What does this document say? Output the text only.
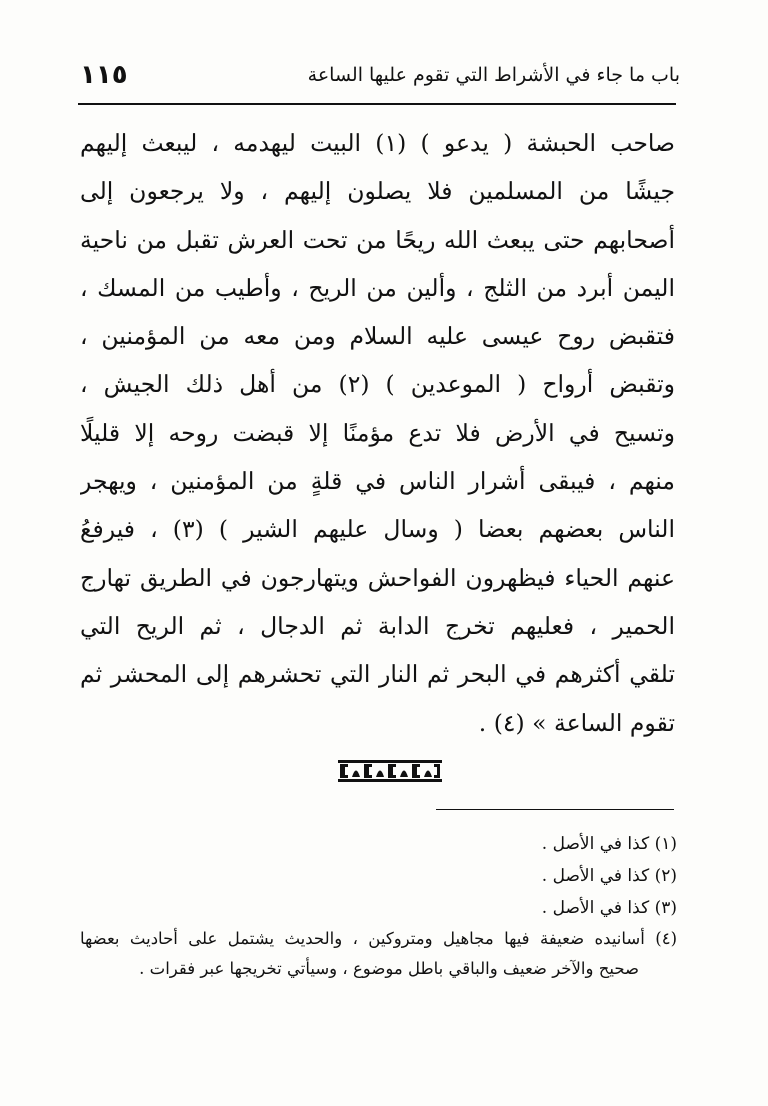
باب ما جاء في الأشراط التي تقوم عليها الساعة
١١٥
صاحب الحبشة ( يدعو ) (١) البيت ليهدمه ، ليبعث إليهم
جيشًا من المسلمين فلا يصلون إليهم ، ولا يرجعون إلى
أصحابهم حتى يبعث الله ريحًا من تحت العرش تقبل من ناحية
اليمن أبرد من الثلج ، وألين من الريح ، وأطيب من المسك ،
فتقبض روح عيسى عليه السلام ومن معه من المؤمنين ،
وتقبض أرواح ( الموعدين ) (٢) من أهل ذلك الجيش ،
وتسيح في الأرض فلا تدع مؤمنًا إلا قبضت روحه إلا قليلًا
منهم ، فيبقى أشرار الناس في قلةٍ من المؤمنين ، ويهجر
الناس بعضهم بعضا ( وسال عليهم الشير ) (٣) ، فيرفعُ
عنهم الحياء فيظهرون الفواحش ويتهارجون في الطريق تهارج
الحمير ، فعليهم تخرج الدابة ثم الدجال ، ثم الريح التي
تلقي أكثرهم في البحر ثم النار التي تحشرهم إلى المحشر ثم
تقوم الساعة » (٤) .
(١) كذا في الأصل .
(٢) كذا في الأصل .
(٣) كذا في الأصل .
(٤) أسانيده ضعيفة فيها مجاهيل ومتروكين ، والحديث يشتمل على أحاديث بعضها
صحيح والآخر ضعيف والباقي باطل موضوع ، وسيأتي تخريجها عبر فقرات .
